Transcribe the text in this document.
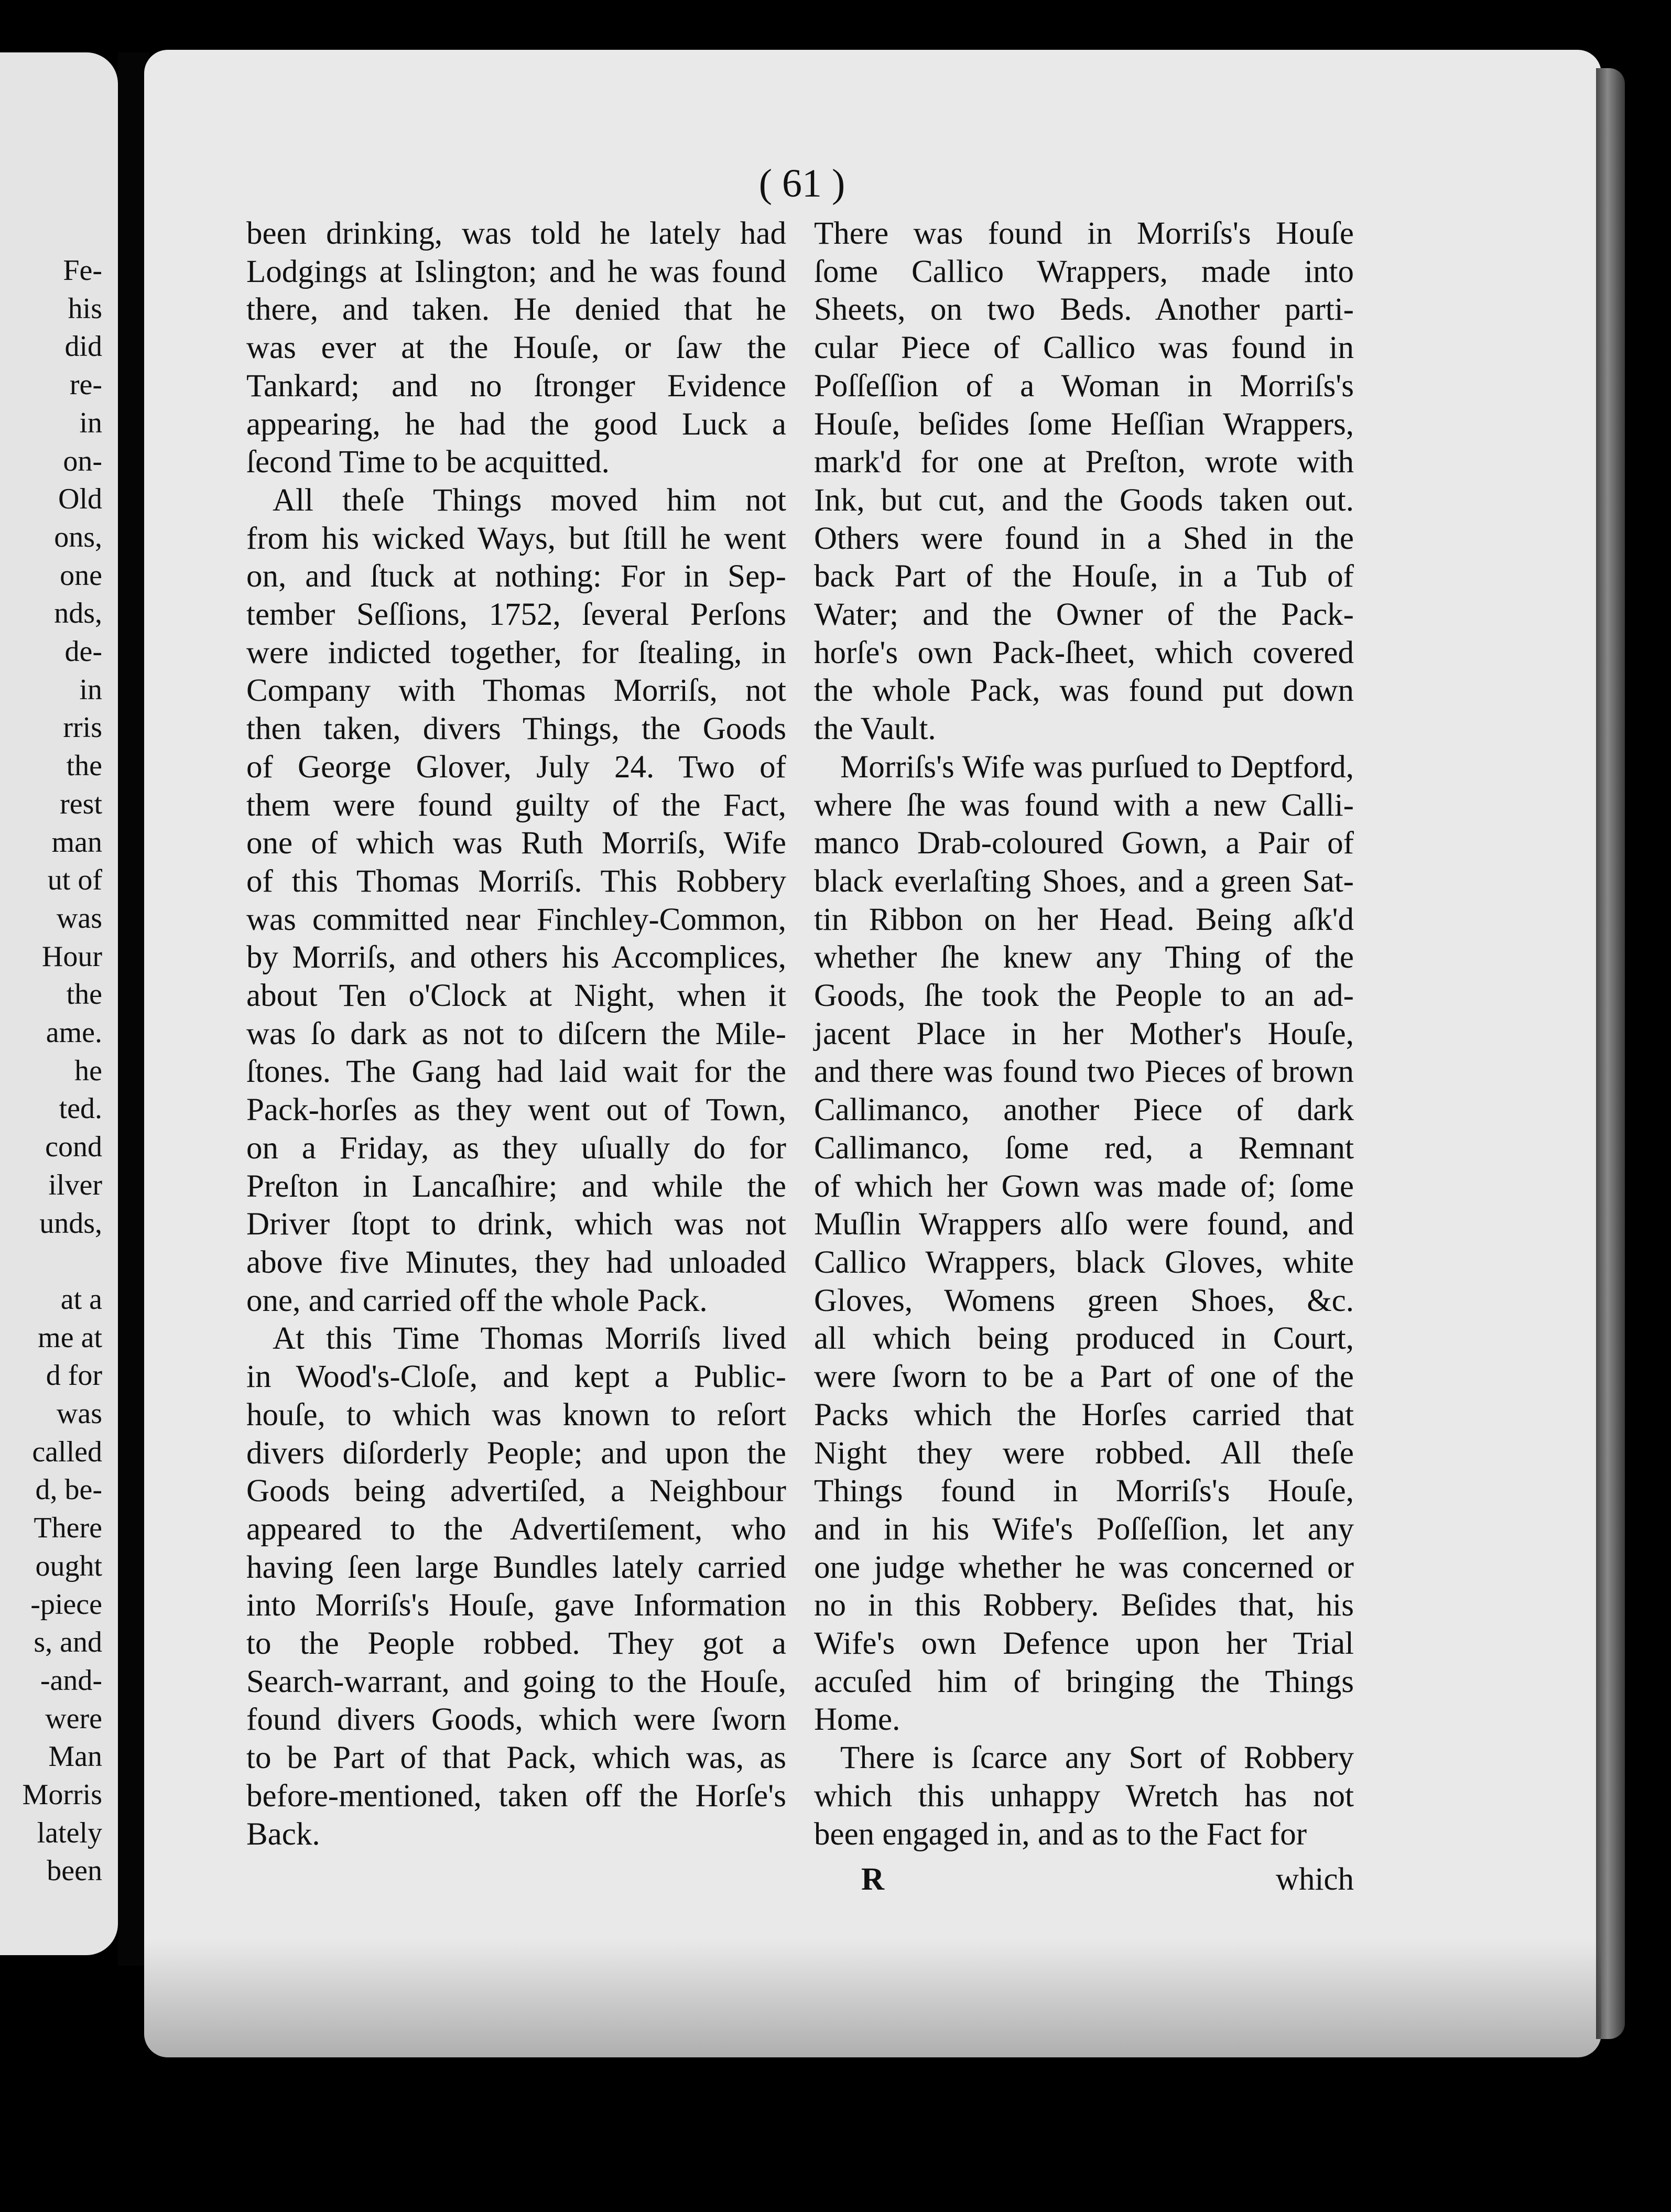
Fe-
his
did
re-
in
on-
Old
ons,
one
nds,
de-
in
rris
the
rest
man
ut of
was
Hour
the
ame.
he
ted.
cond
ilver
unds,
at a
me at
d for
was
called
d, be-
There
ought
-piece
s, and
-and-
were
Man
Morris
lately
been
( 61 )
been drinking, was told he lately had
Lodgings at Islington; and he was found
there, and taken. He denied that he
was ever at the Houſe, or ſaw the
Tankard; and no ſtronger Evidence
appearing, he had the good Luck a
ſecond Time to be acquitted.
All theſe Things moved him not
from his wicked Ways, but ſtill he went
on, and ſtuck at nothing: For in Sep-
tember Seſſions, 1752, ſeveral Perſons
were indicted together, for ſtealing, in
Company with Thomas Morriſs, not
then taken, divers Things, the Goods
of George Glover, July 24. Two of
them were found guilty of the Fact,
one of which was Ruth Morriſs, Wife
of this Thomas Morriſs. This Robbery
was committed near Finchley-Common,
by Morriſs, and others his Accomplices,
about Ten o'Clock at Night, when it
was ſo dark as not to diſcern the Mile-
ſtones. The Gang had laid wait for the
Pack-horſes as they went out of Town,
on a Friday, as they uſually do for
Preſton in Lancaſhire; and while the
Driver ſtopt to drink, which was not
above five Minutes, they had unloaded
one, and carried off the whole Pack.
At this Time Thomas Morriſs lived
in Wood's-Cloſe, and kept a Public-
houſe, to which was known to reſort
divers diſorderly People; and upon the
Goods being advertiſed, a Neighbour
appeared to the Advertiſement, who
having ſeen large Bundles lately carried
into Morriſs's Houſe, gave Information
to the People robbed. They got a
Search-warrant, and going to the Houſe,
found divers Goods, which were ſworn
to be Part of that Pack, which was, as
before-mentioned, taken off the Horſe's
Back.
There was found in Morriſs's Houſe
ſome Callico Wrappers, made into
Sheets, on two Beds. Another parti-
cular Piece of Callico was found in
Poſſeſſion of a Woman in Morriſs's
Houſe, beſides ſome Heſſian Wrappers,
mark'd for one at Preſton, wrote with
Ink, but cut, and the Goods taken out.
Others were found in a Shed in the
back Part of the Houſe, in a Tub of
Water; and the Owner of the Pack-
horſe's own Pack-ſheet, which covered
the whole Pack, was found put down
the Vault.
Morriſs's Wife was purſued to Deptford,
where ſhe was found with a new Calli-
manco Drab-coloured Gown, a Pair of
black everlaſting Shoes, and a green Sat-
tin Ribbon on her Head. Being aſk'd
whether ſhe knew any Thing of the
Goods, ſhe took the People to an ad-
jacent Place in her Mother's Houſe,
and there was found two Pieces of brown
Callimanco, another Piece of dark
Callimanco, ſome red, a Remnant
of which her Gown was made of; ſome
Muſlin Wrappers alſo were found, and
Callico Wrappers, black Gloves, white
Gloves, Womens green Shoes, &c.
all which being produced in Court,
were ſworn to be a Part of one of the
Packs which the Horſes carried that
Night they were robbed. All theſe
Things found in Morriſs's Houſe,
and in his Wife's Poſſeſſion, let any
one judge whether he was concerned or
no in this Robbery. Beſides that, his
Wife's own Defence upon her Trial
accuſed him of bringing the Things
Home.
There is ſcarce any Sort of Robbery
which this unhappy Wretch has not
been engaged in, and as to the Fact for
R	which
